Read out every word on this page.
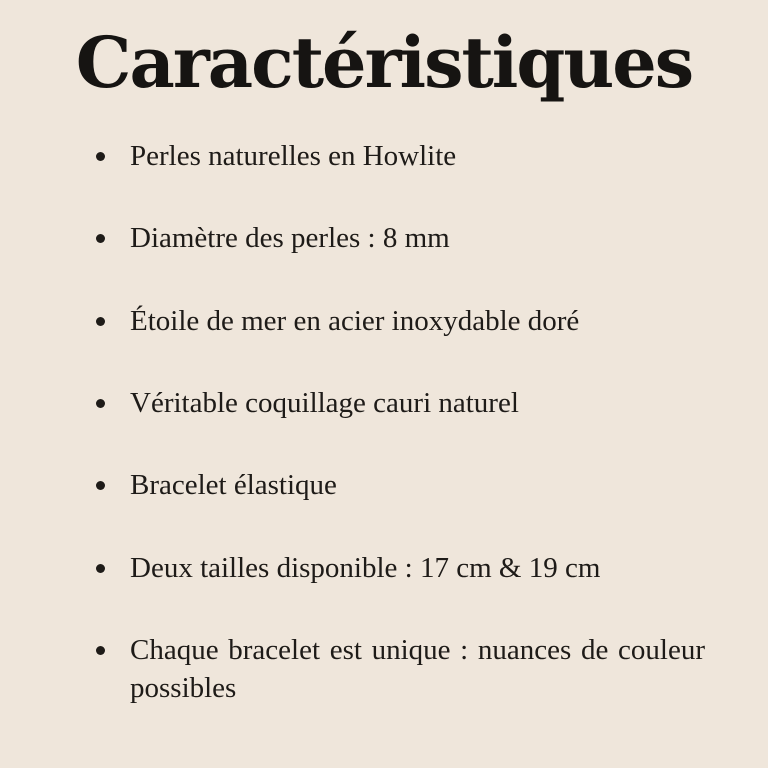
Caractéristiques
Perles naturelles en Howlite
Diamètre des perles : 8 mm
Étoile de mer en acier inoxydable doré
Véritable coquillage cauri naturel
Bracelet élastique
Deux tailles disponible : 17 cm & 19 cm
Chaque bracelet est unique : nuances de couleur possibles
